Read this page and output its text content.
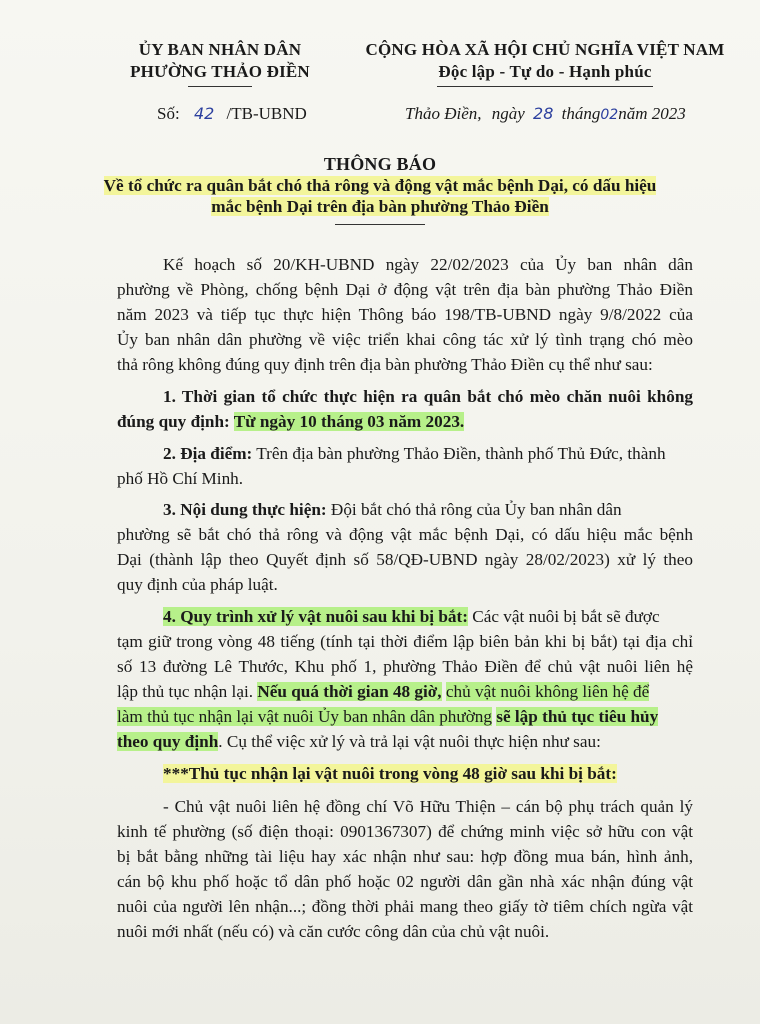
ỦY BAN NHÂN DÂN
PHƯỜNG THẢO ĐIỀN
CỘNG HÒA XÃ HỘI CHỦ NGHĨA VIỆT NAM
Độc lập - Tự do - Hạnh phúc
Số: 42 /TB-UBND	Thảo Điền, ngày 28 tháng02năm 2023
THÔNG BÁO
Về tổ chức ra quân bắt chó thả rông và động vật mắc bệnh Dại, có dấu hiệu
mắc bệnh Dại trên địa bàn phường Thảo Điền
Kế hoạch số 20/KH-UBND ngày 22/02/2023 của Ủy ban nhân dân
phường về Phòng, chống bệnh Dại ở động vật trên địa bàn phường Thảo Điền
năm 2023 và tiếp tục thực hiện Thông báo 198/TB-UBND ngày 9/8/2022 của
Ủy ban nhân dân phường về việc triển khai công tác xử lý tình trạng chó mèo
thả rông không đúng quy định trên địa bàn phường Thảo Điền cụ thể như sau:
1. Thời gian tổ chức thực hiện ra quân bắt chó mèo chăn nuôi không
đúng quy định: Từ ngày 10 tháng 03 năm 2023.
2. Địa điểm: Trên địa bàn phường Thảo Điền, thành phố Thủ Đức, thành
phố Hồ Chí Minh.
3. Nội dung thực hiện: Đội bắt chó thả rông của Ủy ban nhân dân
phường sẽ bắt chó thả rông và động vật mắc bệnh Dại, có dấu hiệu mắc bệnh
Dại (thành lập theo Quyết định số 58/QĐ-UBND ngày 28/02/2023) xử lý theo
quy định của pháp luật.
4. Quy trình xử lý vật nuôi sau khi bị bắt: Các vật nuôi bị bắt sẽ được
tạm giữ trong vòng 48 tiếng (tính tại thời điểm lập biên bản khi bị bắt) tại địa chỉ
số 13 đường Lê Thước, Khu phố 1, phường Thảo Điền để chủ vật nuôi liên hệ
lập thủ tục nhận lại. Nếu quá thời gian 48 giờ, chủ vật nuôi không liên hệ để
làm thủ tục nhận lại vật nuôi Ủy ban nhân dân phường sẽ lập thủ tục tiêu hủy
theo quy định. Cụ thể việc xử lý và trả lại vật nuôi thực hiện như sau:
***Thủ tục nhận lại vật nuôi trong vòng 48 giờ sau khi bị bắt:
- Chủ vật nuôi liên hệ đồng chí Võ Hữu Thiện – cán bộ phụ trách quản lý
kinh tế phường (số điện thoại: 0901367307) để chứng minh việc sở hữu con vật
bị bắt bằng những tài liệu hay xác nhận như sau: hợp đồng mua bán, hình ảnh,
cán bộ khu phố hoặc tổ dân phố hoặc 02 người dân gần nhà xác nhận đúng vật
nuôi của người lên nhận...; đồng thời phải mang theo giấy tờ tiêm chích ngừa vật
nuôi mới nhất (nếu có) và căn cước công dân của chủ vật nuôi.
